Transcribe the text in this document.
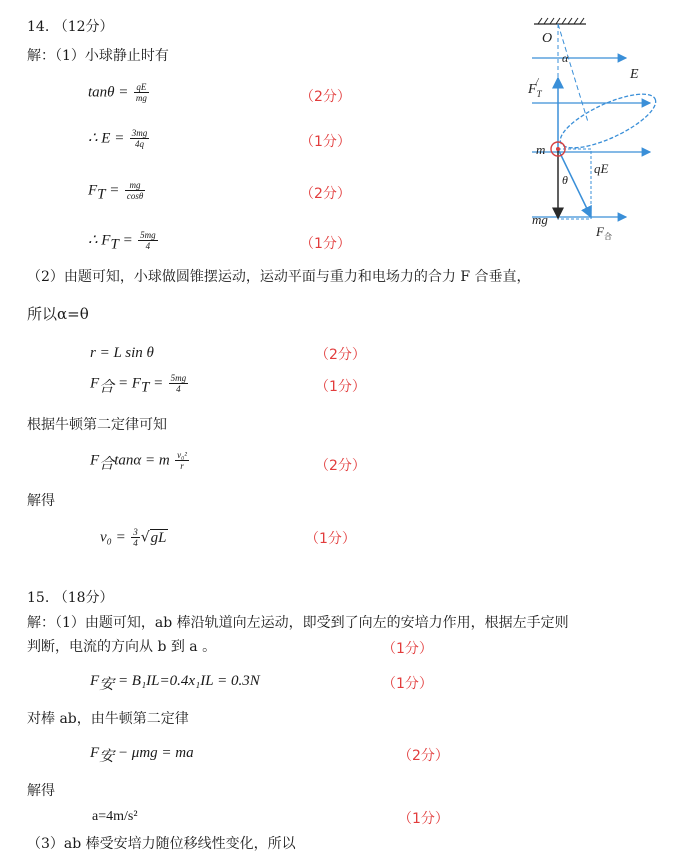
14. （12分）
解：（1）小球静止时有
$\tan\theta = \frac{qE}{mg}$	（2分）
∴ $E = \frac{3mg}{4q}$	（1分）
$F_T = \frac{mg}{\cos\theta}$	（2分）
∴ $F_T = \frac{5mg}{4}$	（1分）
（2）由题可知，小球做圆锥摆运动，运动平面与重力和电场力的合力 F 合垂直，
所以α=θ
r = L sin θ	（2分）
$F_合 = F_T = \frac{5mg}{4}$	（1分）
根据牛顿第二定律可知
$F_合\tan\alpha = m \frac{\text{v₀²}}{r}$	（2分）
解得
$v_0 = \frac{3}{4} √gL$	（1分）
15. （18分）
解：（1）由题可知，ab 棒沿轨道向左运动，即受到了向左的安培力作用，根据左手定则
判断，电流的方向从 b 到 a 。	（1分）
$F_安 = B_1IL=0.4x_1IL = 0.3N$	（1分）
对棒 ab，由牛顿第二定律
$F_安 - \mu mg$ = ma	（2分）
解得
a=4m/s²	（1分）
（3）ab 棒受安培力随位移线性变化，所以
O
α
E
$F_T/$
m
θ
qE
mg
$F_合$
